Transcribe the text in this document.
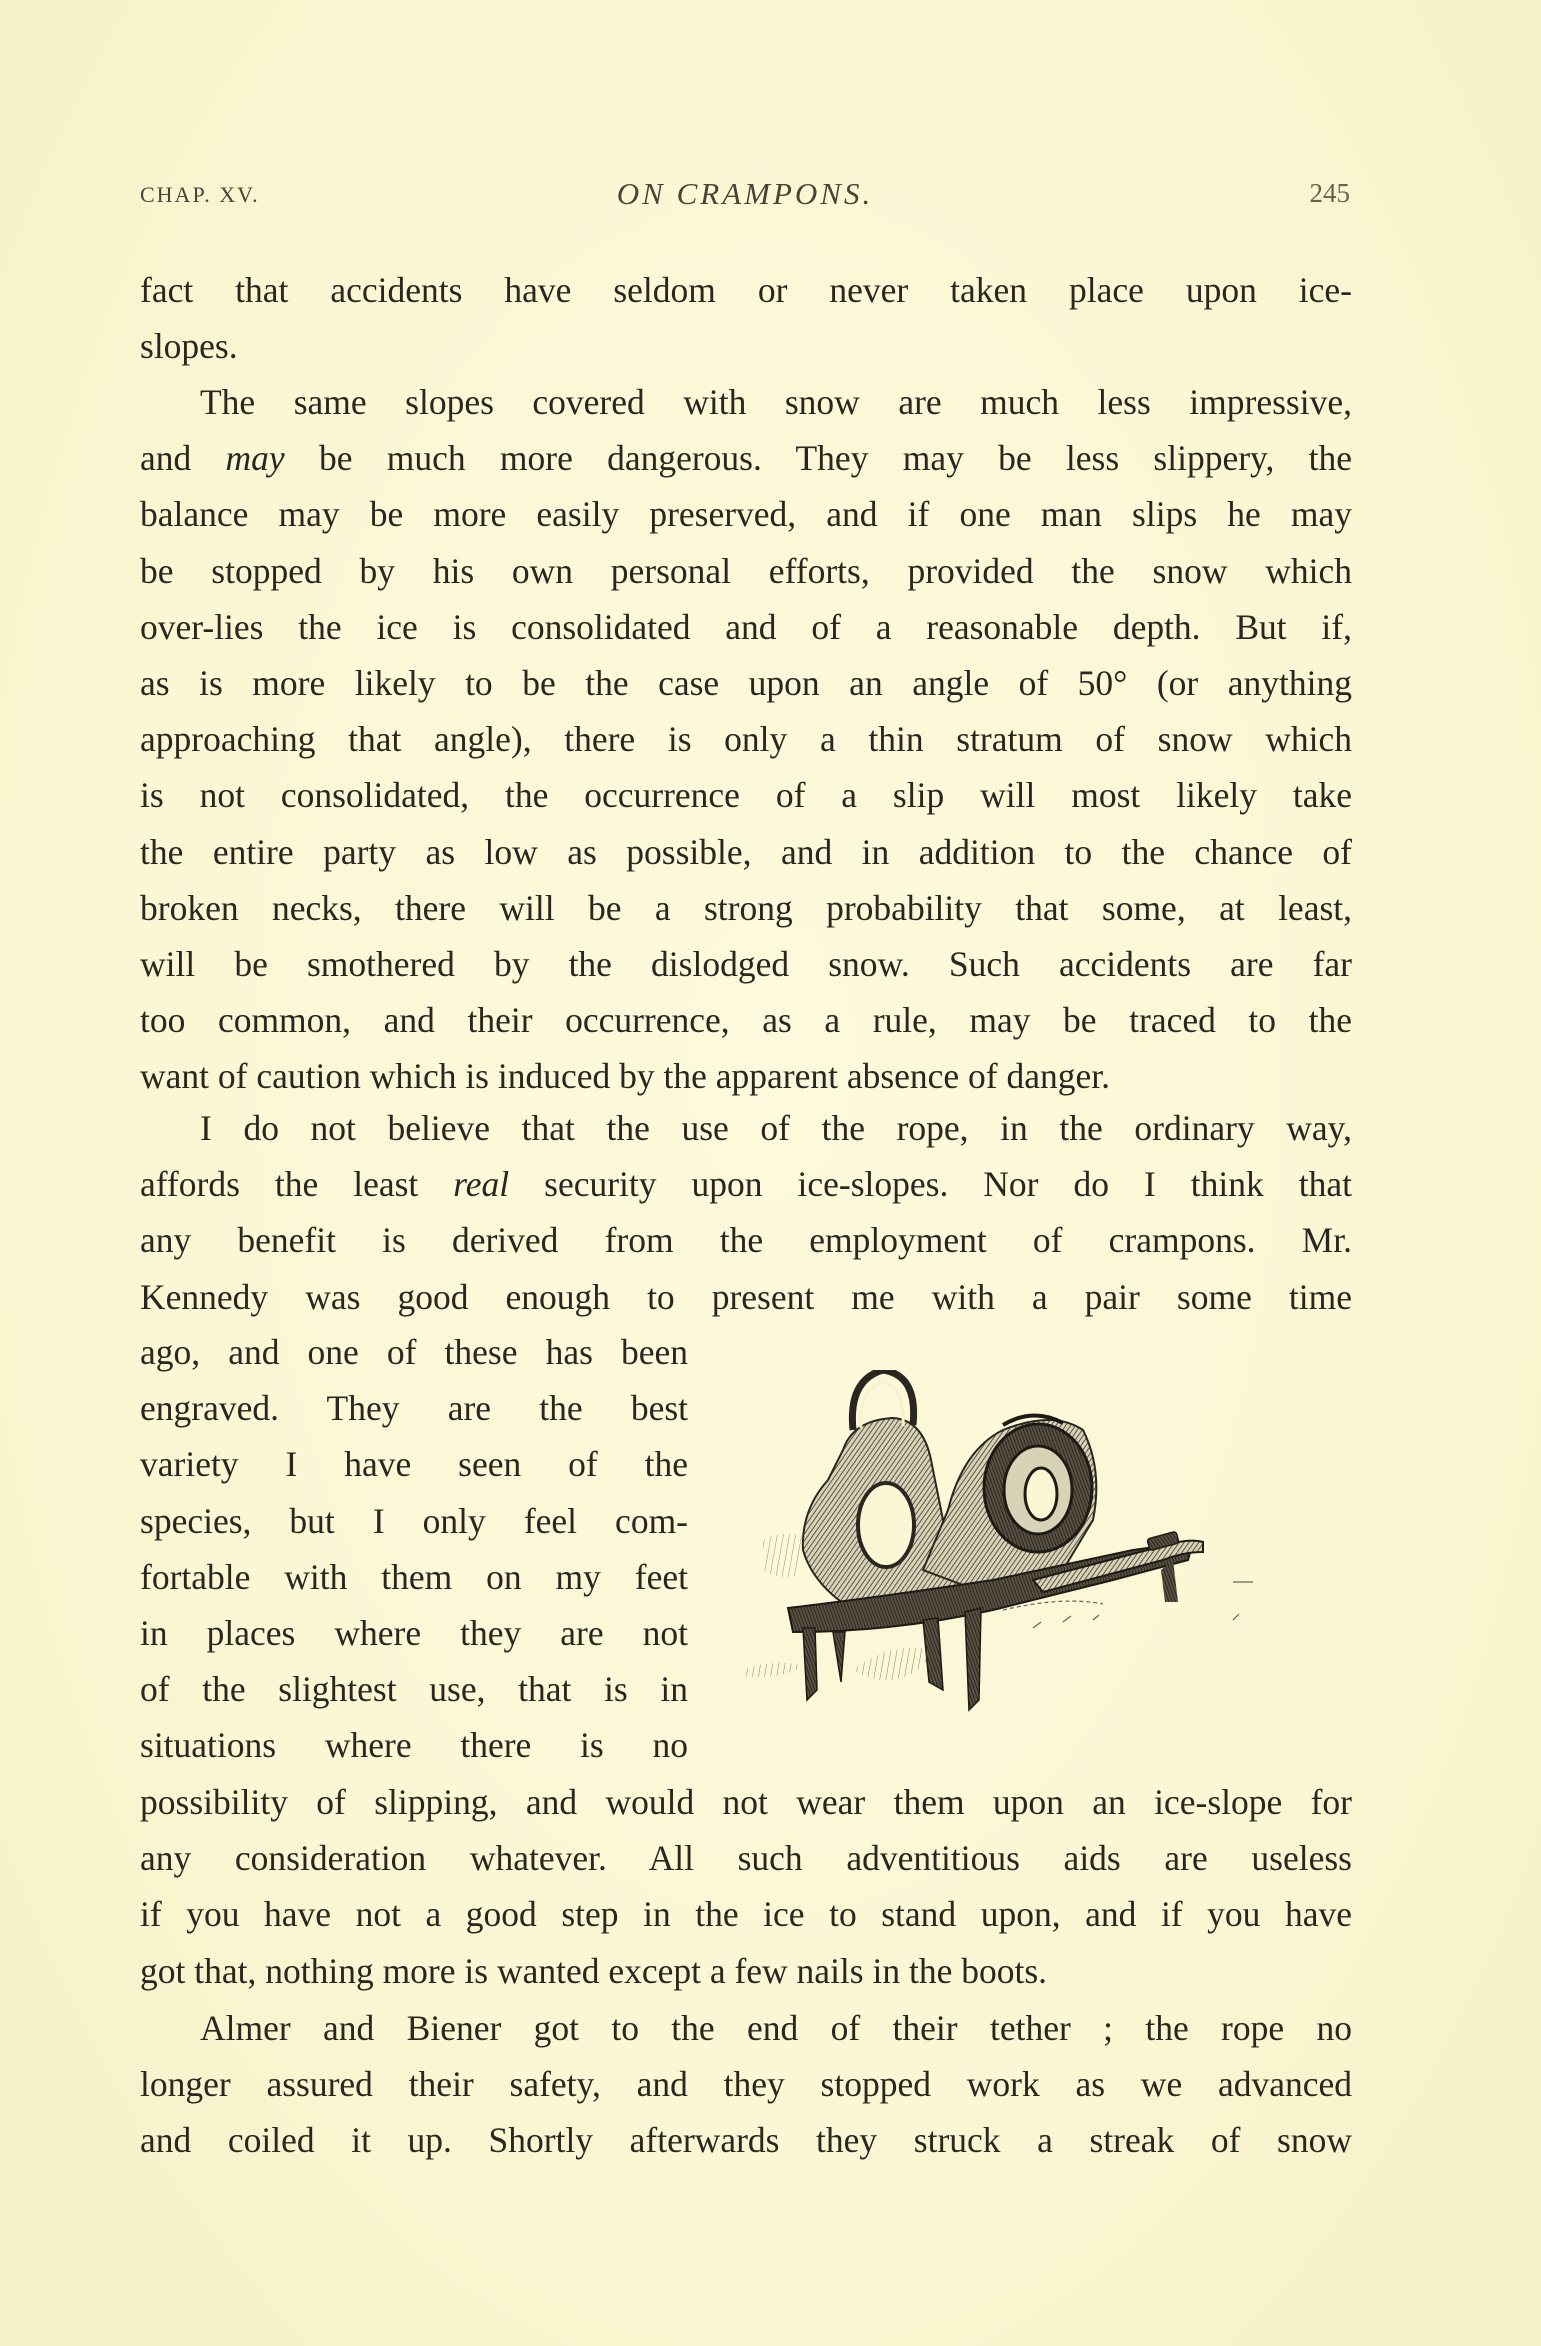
CHAP. XV.	ON CRAMPONS.	245
fact that accidents have seldom or never taken place upon ice-
slopes.
The same slopes covered with snow are much less impressive,
and may be much more dangerous. They may be less slippery, the
balance may be more easily preserved, and if one man slips he may
be stopped by his own personal efforts, provided the snow which
over-lies the ice is consolidated and of a reasonable depth. But if,
as is more likely to be the case upon an angle of 50° (or anything
approaching that angle), there is only a thin stratum of snow which
is not consolidated, the occurrence of a slip will most likely take
the entire party as low as possible, and in addition to the chance of
broken necks, there will be a strong probability that some, at least,
will be smothered by the dislodged snow. Such accidents are far
too common, and their occurrence, as a rule, may be traced to the
want of caution which is induced by the apparent absence of danger.
I do not believe that the use of the rope, in the ordinary way,
affords the least real security upon ice-slopes. Nor do I think that
any benefit is derived from the employment of crampons. Mr.
Kennedy was good enough to present me with a pair some time
ago, and one of these has been
engraved. They are the best
variety I have seen of the
species, but I only feel com-
fortable with them on my feet
in places where they are not
of the slightest use, that is in
situations where there is no
possibility of slipping, and would not wear them upon an ice-slope for
any consideration whatever. All such adventitious aids are useless
if you have not a good step in the ice to stand upon, and if you have
got that, nothing more is wanted except a few nails in the boots.
Almer and Biener got to the end of their tether ; the rope no
longer assured their safety, and they stopped work as we advanced
and coiled it up. Shortly afterwards they struck a streak of snow
